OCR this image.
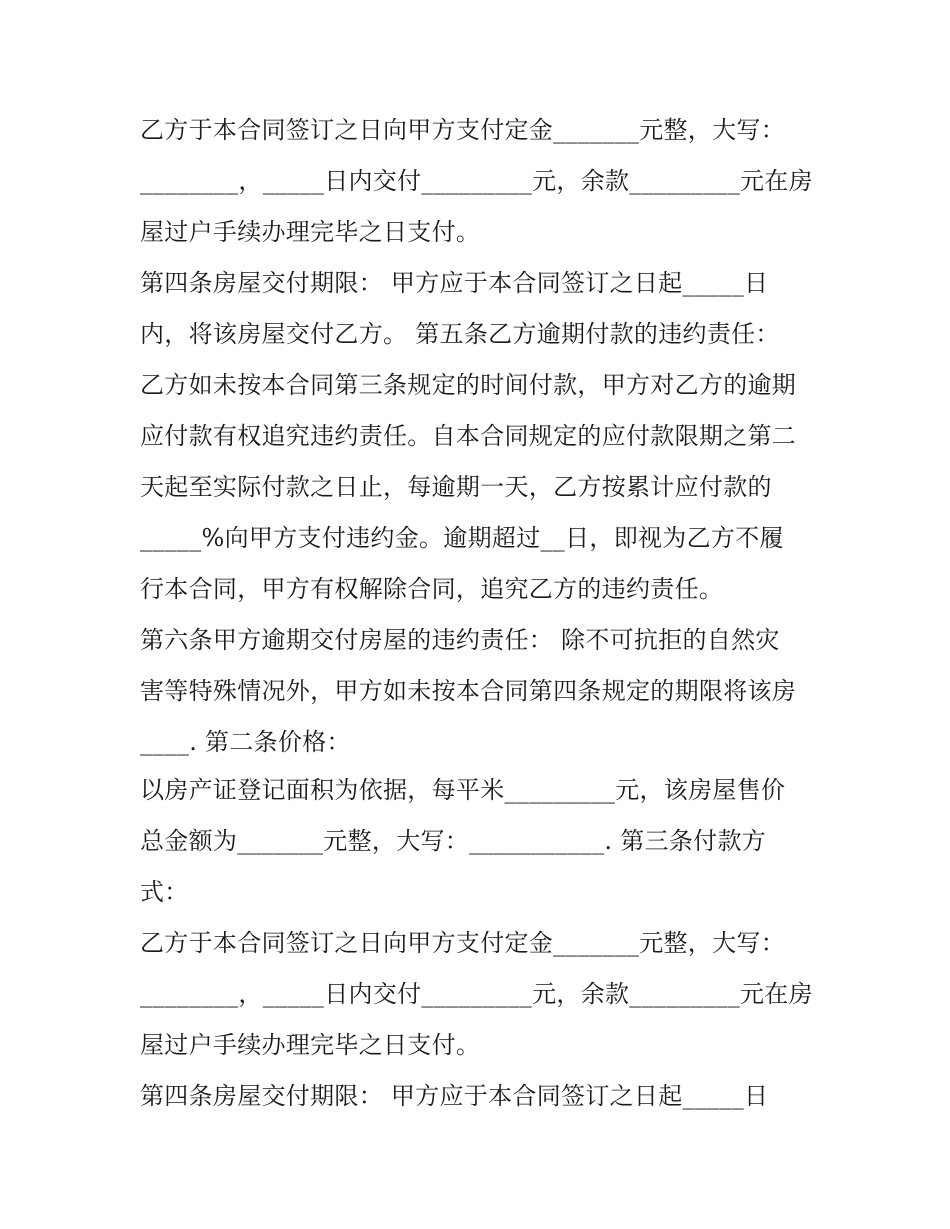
乙方于本合同签订之日向甲方支付定金_______元整，大写：
________，_____日内交付_________元，余款_________元在房
屋过户手续办理完毕之日支付。
第四条房屋交付期限： 甲方应于本合同签订之日起_____日
内，将该房屋交付乙方。 第五条乙方逾期付款的违约责任：
乙方如未按本合同第三条规定的时间付款，甲方对乙方的逾期
应付款有权追究违约责任。自本合同规定的应付款限期之第二
天起至实际付款之日止，每逾期一天，乙方按累计应付款的
_____%向甲方支付违约金。逾期超过__日，即视为乙方不履
行本合同，甲方有权解除合同，追究乙方的违约责任。
第六条甲方逾期交付房屋的违约责任： 除不可抗拒的自然灾
害等特殊情况外，甲方如未按本合同第四条规定的期限将该房
____. 第二条价格：
以房产证登记面积为依据，每平米_________元，该房屋售价
总金额为_______元整，大写：___________. 第三条付款方
式：
乙方于本合同签订之日向甲方支付定金_______元整，大写：
________，_____日内交付_________元，余款_________元在房
屋过户手续办理完毕之日支付。
第四条房屋交付期限： 甲方应于本合同签订之日起_____日
